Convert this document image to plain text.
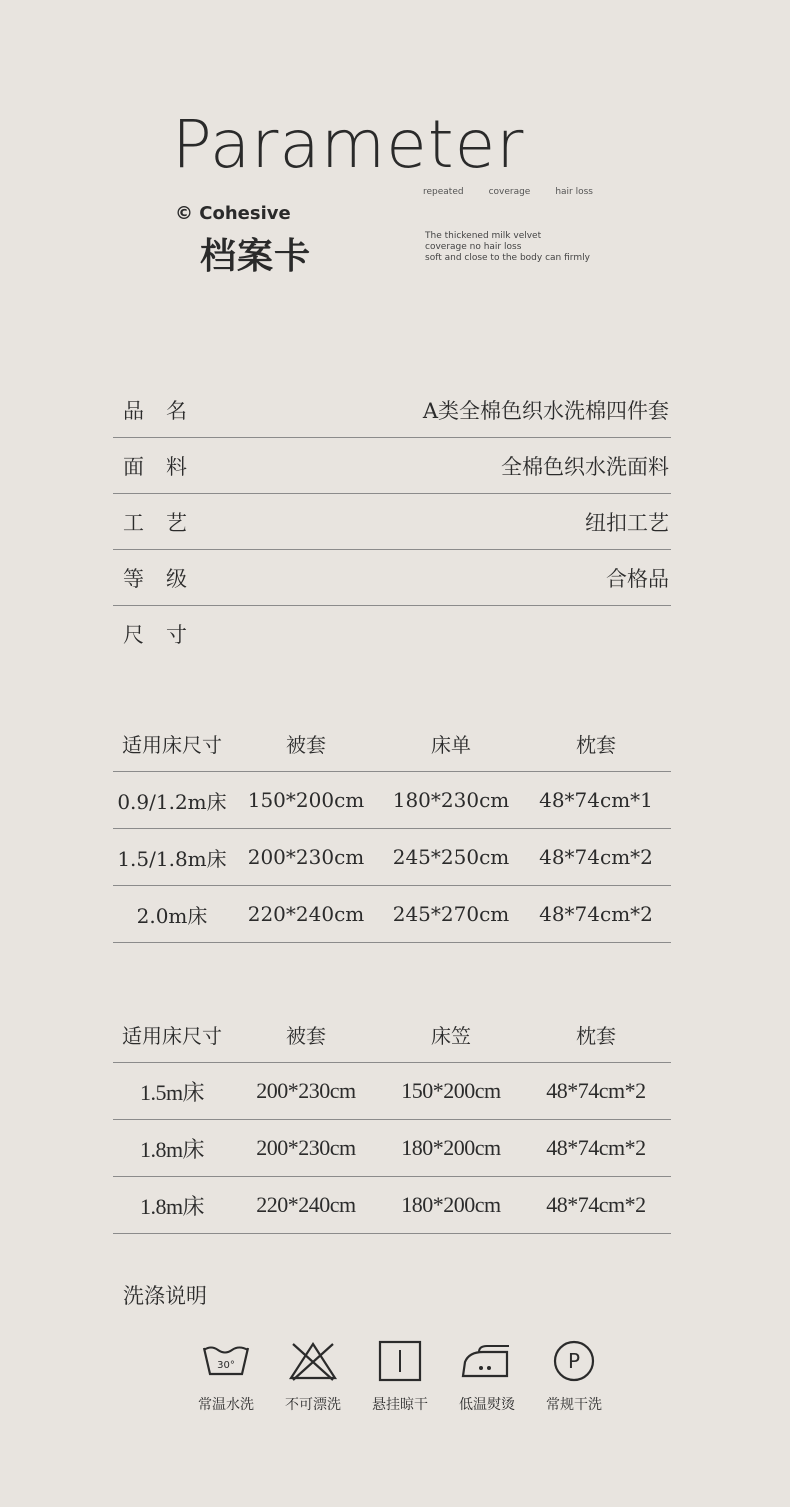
Parameter
© Cohesive
档案卡
repeated	coverage	hair loss
The thickened milk velvet
coverage no hair loss
soft and close to the body can firmly
品名	A类全棉色织水洗棉四件套
面料	全棉色织水洗面料
工艺	纽扣工艺
等级	合格品
尺寸
适用床尺寸	被套	床单	枕套
0.9/1.2m床	150*200cm	180*230cm	48*74cm*1
1.5/1.8m床	200*230cm	245*250cm	48*74cm*2
2.0m床	220*240cm	245*270cm	48*74cm*2
适用床尺寸	被套	床笠	枕套
1.5m床	200*230cm	150*200cm	48*74cm*2
1.8m床	200*230cm	180*200cm	48*74cm*2
1.8m床	220*240cm	180*200cm	48*74cm*2
洗涤说明
30°
常温水洗 不可漂洗 悬挂晾干 低温熨烫
P
常规干洗
